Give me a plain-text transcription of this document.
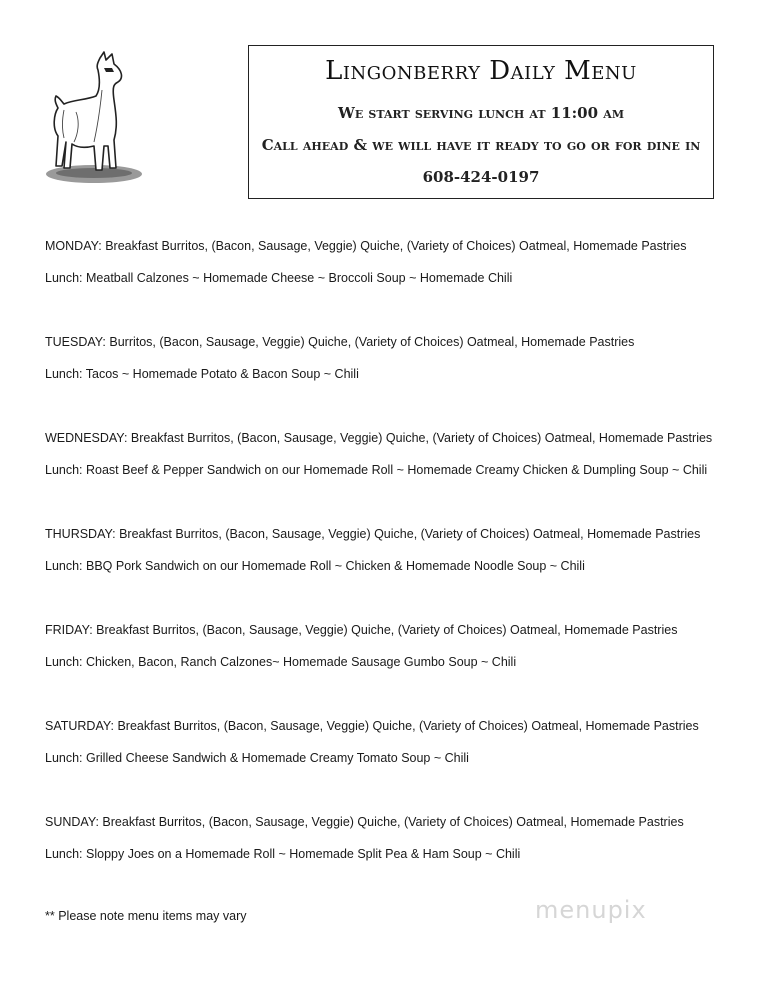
Lingonberry Daily Menu
We start serving lunch at 11:00 am
Call ahead & we will have it ready to go or for dine in
608-424-0197

MONDAY: Breakfast Burritos, (Bacon, Sausage, Veggie) Quiche, (Variety of Choices) Oatmeal, Homemade Pastries

Lunch: Meatball Calzones ~ Homemade Cheese ~ Broccoli Soup ~ Homemade Chili

TUESDAY: Burritos, (Bacon, Sausage, Veggie) Quiche, (Variety of Choices) Oatmeal, Homemade Pastries

Lunch: Tacos ~ Homemade Potato & Bacon Soup ~ Chili

WEDNESDAY: Breakfast Burritos, (Bacon, Sausage, Veggie) Quiche, (Variety of Choices) Oatmeal, Homemade Pastries

Lunch: Roast Beef & Pepper Sandwich on our Homemade Roll ~ Homemade Creamy Chicken & Dumpling Soup ~ Chili

THURSDAY: Breakfast Burritos, (Bacon, Sausage, Veggie) Quiche, (Variety of Choices) Oatmeal, Homemade Pastries

Lunch: BBQ Pork Sandwich on our Homemade Roll ~ Chicken & Homemade Noodle Soup ~ Chili

FRIDAY: Breakfast Burritos, (Bacon, Sausage, Veggie) Quiche, (Variety of Choices) Oatmeal, Homemade Pastries

Lunch: Chicken, Bacon, Ranch Calzones~ Homemade Sausage Gumbo Soup ~ Chili

SATURDAY: Breakfast Burritos, (Bacon, Sausage, Veggie) Quiche, (Variety of Choices) Oatmeal, Homemade Pastries

Lunch: Grilled Cheese Sandwich & Homemade Creamy Tomato Soup ~ Chili

SUNDAY: Breakfast Burritos, (Bacon, Sausage, Veggie) Quiche, (Variety of Choices) Oatmeal, Homemade Pastries

Lunch: Sloppy Joes on a Homemade Roll ~ Homemade Split Pea & Ham Soup ~ Chili

menupix

** Please note menu items may vary
